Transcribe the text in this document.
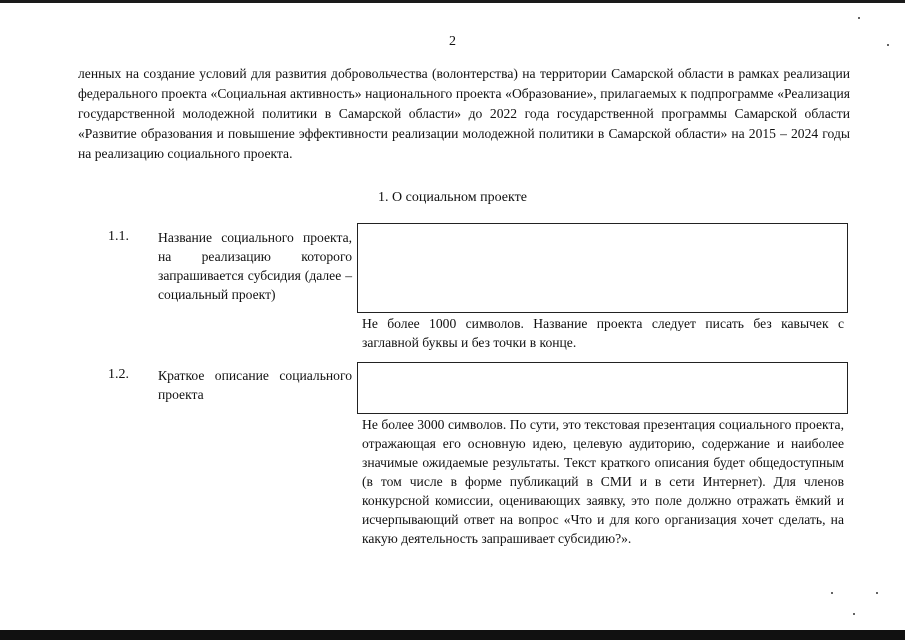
2

ленных на создание условий для развития добровольчества (волонтерства) на территории Самарской области в рамках реализации федерального проекта «Социальная активность» национального проекта «Образование», прилагаемых к подпрограмме «Реализация государственной молодежной политики в Самарской области» до 2022 года государственной программы Самарской области «Развитие образования и повышение эффективности реализации молодежной политики в Самарской области» на 2015 – 2024 годы на реализацию социального проекта.

1. О социальном проекте
1.1. Название социального проекта, на реализацию которого запрашивается субсидия (далее – социальный проект)

Не более 1000 символов. Название проекта следует писать без кавычек с заглавной буквы и без точки в конце.

1.2. Краткое описание социального проекта

Не более 3000 символов. По сути, это текстовая презентация социального проекта, отражающая его основную идею, целевую аудиторию, содержание и наиболее значимые ожидаемые результаты. Текст краткого описания будет общедоступным (в том числе в форме публикаций в СМИ и в сети Интернет). Для членов конкурсной комиссии, оценивающих заявку, это поле должно отражать ёмкий и исчерпывающий ответ на вопрос «Что и для кого организация хочет сделать, на какую деятельность запрашивает субсидию?».
